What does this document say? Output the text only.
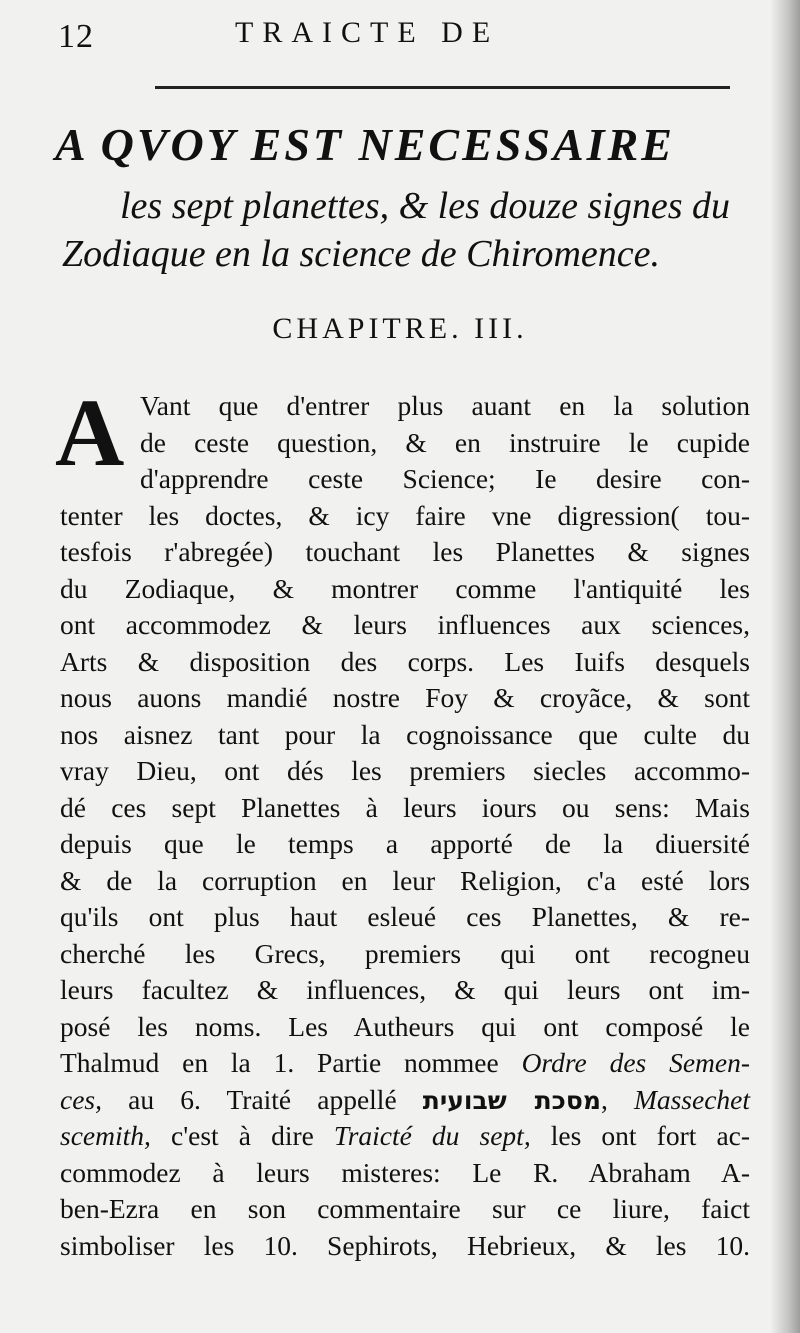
12	TRAICTE DE
A QVOY EST NECESSAIRE
les sept planettes, & les douze signes du
Zodiaque en la science de Chiromence.
CHAPITRE. III.
A Vant que d'entrer plus auant en la solution
de ceste question, & en instruire le cupide
d'apprendre ceste Science; Ie desire con-
tenter les doctes, & icy faire vne digression( tou-
tesfois r'abregée) touchant les Planettes & signes
du Zodiaque, & montrer comme l'antiquité les
ont accommodez & leurs influences aux sciences,
Arts & disposition des corps. Les Iuifs desquels
nous auons mandié nostre Foy & croyãce, & sont
nos aisnez tant pour la cognoissance que culte du
vray Dieu, ont dés les premiers siecles accommo-
dé ces sept Planettes à leurs iours ou sens: Mais
depuis que le temps a apporté de la diuersité
& de la corruption en leur Religion, c'a esté lors
qu'ils ont plus haut esleué ces Planettes, & re-
cherché les Grecs, premiers qui ont recogneu
leurs facultez & influences, & qui leurs ont im-
posé les noms. Les Autheurs qui ont composé le
Thalmud en la 1. Partie nommee Ordre des Semen-
ces, au 6. Traité appellé מסכת שבועית, Massechet
scemith, c'est à dire Traicté du sept, les ont fort ac-
commodez à leurs misteres: Le R. Abraham A-
ben-Ezra en son commentaire sur ce liure, faict
simboliser les 10. Sephirots, Hebrieux, & les 10.
